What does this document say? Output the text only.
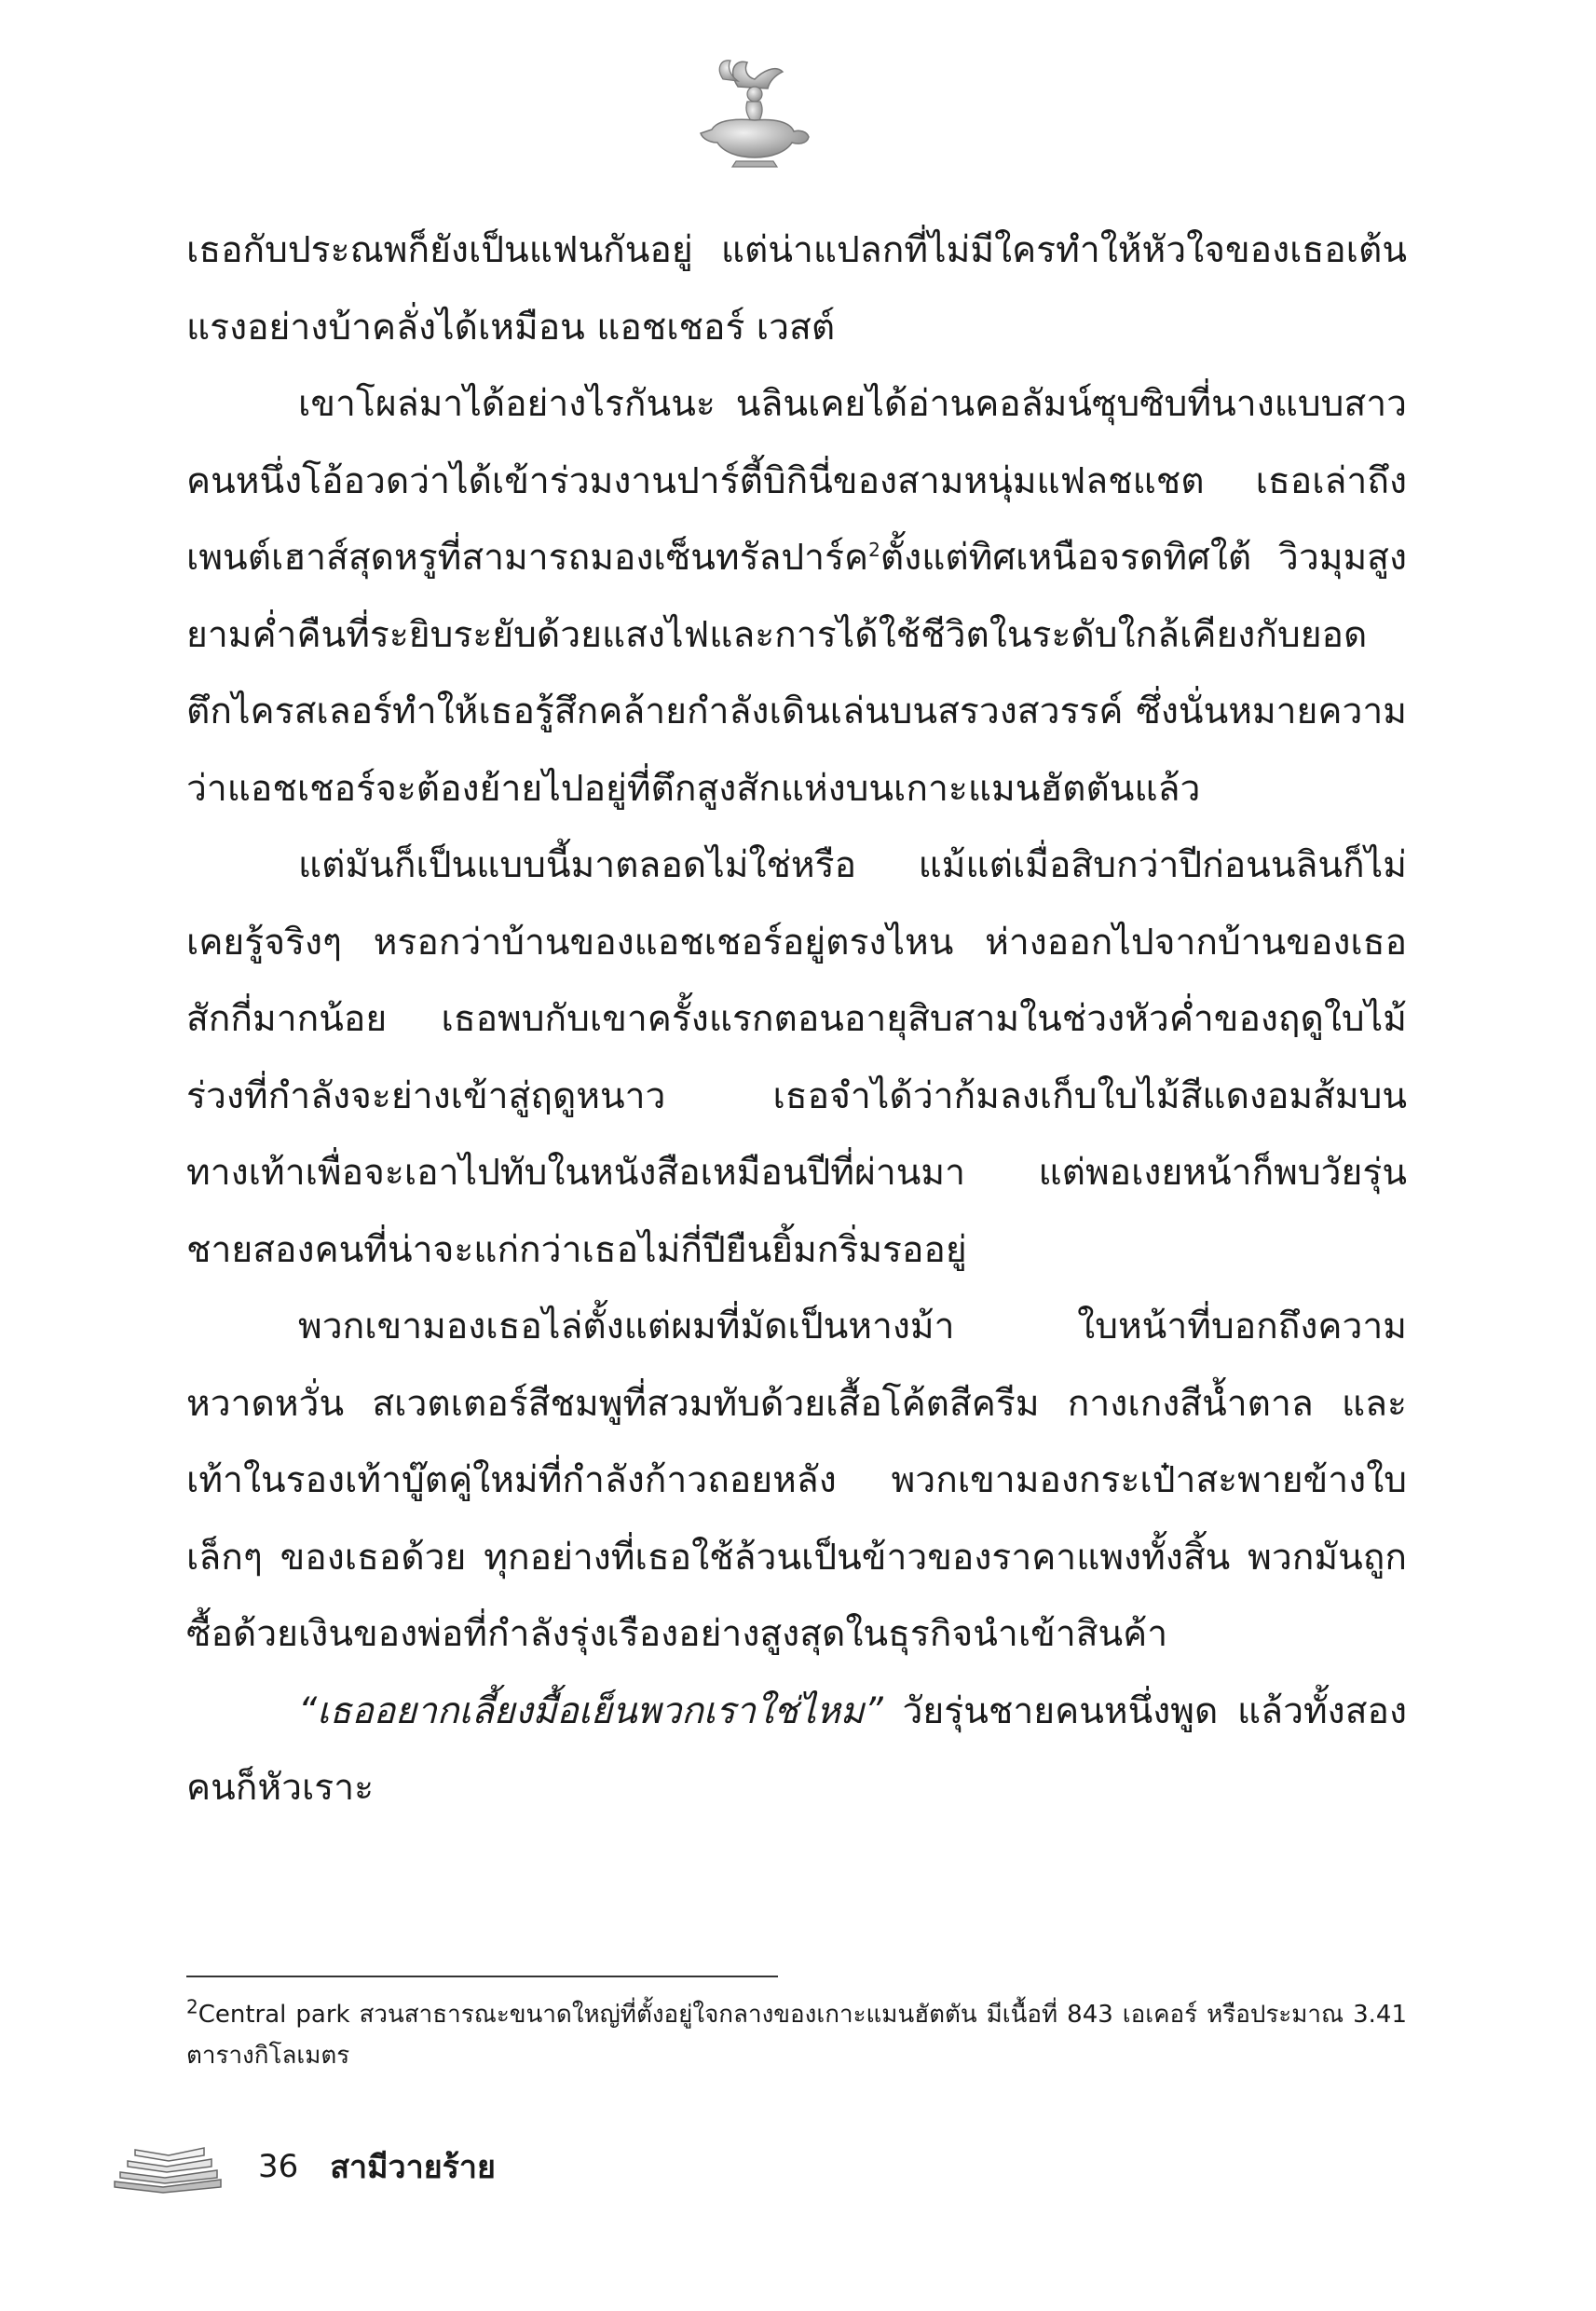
เธอกับประณพก็ยังเป็นแฟนกันอยู่ แต่น่าแปลกที่ไม่มีใครทำให้หัวใจของเธอเต้นแรงอย่างบ้าคลั่งได้เหมือน แอชเชอร์ เวสต์

เขาโผล่มาได้อย่างไรกันนะ นลินเคยได้อ่านคอลัมน์ซุบซิบที่นางแบบสาวคนหนึ่งโอ้อวดว่าได้เข้าร่วมงานปาร์ตี้บิกินี่ของสามหนุ่มแฟลชแชต เธอเล่าถึงเพนต์เฮาส์สุดหรูที่สามารถมองเซ็นทรัลปาร์ค$^2$ตั้งแต่ทิศเหนือจรดทิศใต้ วิวมุมสูงยามค่ำคืนที่ระยิบระยับด้วยแสงไฟและการได้ใช้ชีวิตในระดับใกล้เคียงกับยอดตึกไครสเลอร์ทำให้เธอรู้สึกคล้ายกำลังเดินเล่นบนสรวงสวรรค์ ซึ่งนั่นหมายความว่าแอชเชอร์จะต้องย้ายไปอยู่ที่ตึกสูงสักแห่งบนเกาะแมนฮัตตันแล้ว

แต่มันก็เป็นแบบนี้มาตลอดไม่ใช่หรือ แม้แต่เมื่อสิบกว่าปีก่อนนลินก็ไม่เคยรู้จริงๆ หรอกว่าบ้านของแอชเชอร์อยู่ตรงไหน ห่างออกไปจากบ้านของเธอสักกี่มากน้อย เธอพบกับเขาครั้งแรกตอนอายุสิบสามในช่วงหัวค่ำของฤดูใบไม้ร่วงที่กำลังจะย่างเข้าสู่ฤดูหนาว เธอจำได้ว่าก้มลงเก็บใบไม้สีแดงอมส้มบนทางเท้าเพื่อจะเอาไปทับในหนังสือเหมือนปีที่ผ่านมา แต่พอเงยหน้าก็พบวัยรุ่นชายสองคนที่น่าจะแก่กว่าเธอไม่กี่ปียืนยิ้มกริ่มรออยู่

พวกเขามองเธอไล่ตั้งแต่ผมที่มัดเป็นหางม้า ใบหน้าที่บอกถึงความหวาดหวั่น สเวตเตอร์สีชมพูที่สวมทับด้วยเสื้อโค้ตสีครีม กางเกงสีน้ำตาล และเท้าในรองเท้าบู๊ตคู่ใหม่ที่กำลังก้าวถอยหลัง พวกเขามองกระเป๋าสะพายข้างใบเล็กๆ ของเธอด้วย ทุกอย่างที่เธอใช้ล้วนเป็นข้าวของราคาแพงทั้งสิ้น พวกมันถูกซื้อด้วยเงินของพ่อที่กำลังรุ่งเรืองอย่างสูงสุดในธุรกิจนำเข้าสินค้า

“เธออยากเลี้ยงมื้อเย็นพวกเราใช่ไหม” วัยรุ่นชายคนหนึ่งพูด แล้วทั้งสองคนก็หัวเราะ

$^2$Central park สวนสาธารณะขนาดใหญ่ที่ตั้งอยู่ใจกลางของเกาะแมนฮัตตัน มีเนื้อที่ 843 เอเคอร์ หรือประมาณ 3.41 ตารางกิโลเมตร
36 สามีวายร้าย
